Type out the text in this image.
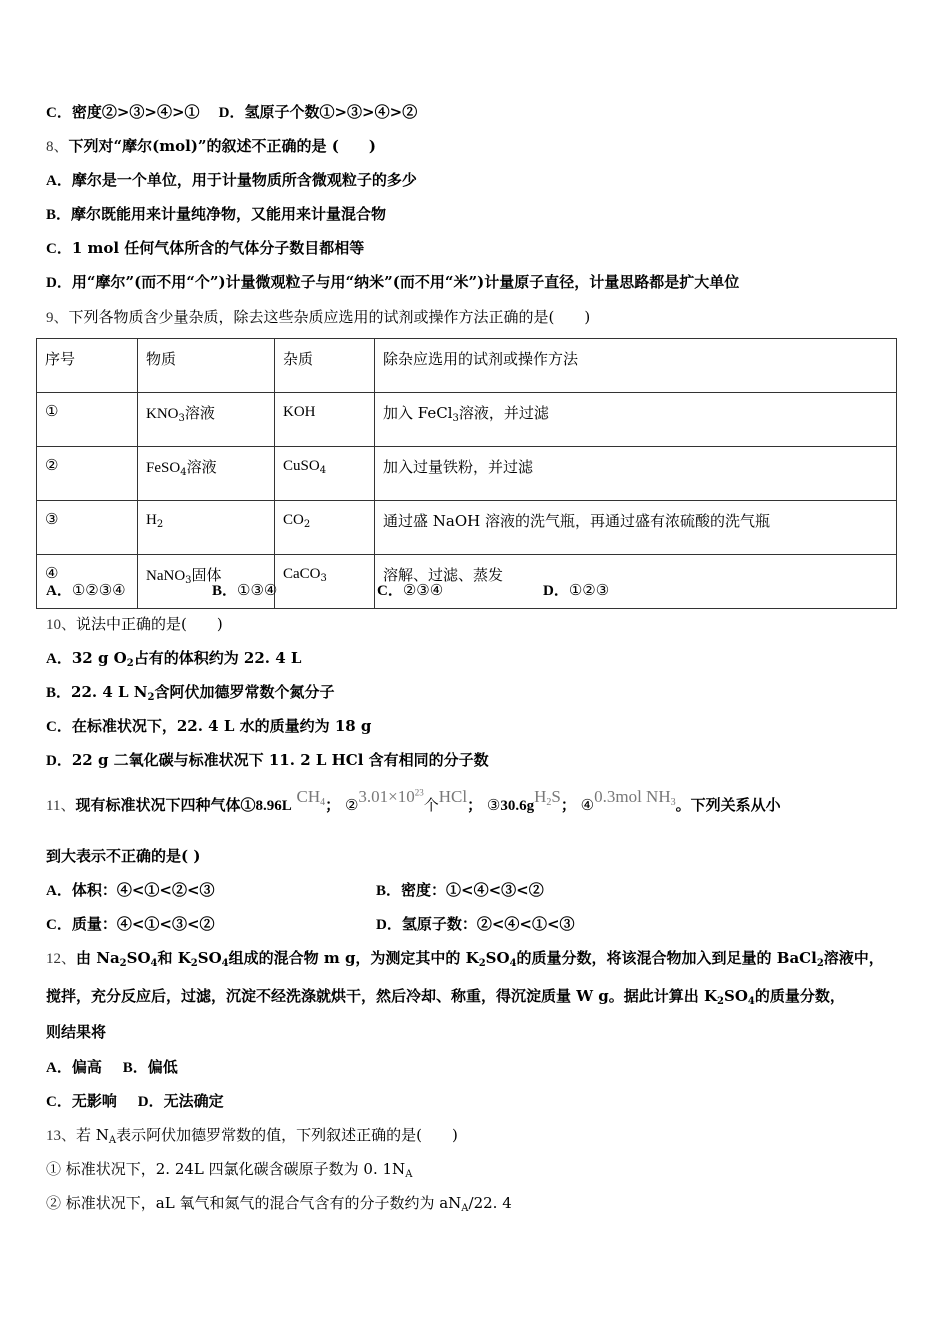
C．密度②>③>④>① D．氢原子个数①>③>④>②
8、下列对“摩尔(mol)”的叙述不正确的是 (　　)
A．摩尔是一个单位，用于计量物质所含微观粒子的多少
B．摩尔既能用来计量纯净物，又能用来计量混合物
C．1 mol 任何气体所含的气体分子数目都相等
D．用“摩尔”(而不用“个”)计量微观粒子与用“纳米”(而不用“米”)计量原子直径，计量思路都是扩大单位
9、下列各物质含少量杂质，除去这些杂质应选用的试剂或操作方法正确的是(　　)
序号	物质	杂质	除杂应选用的试剂或操作方法
①	$KNO_3$溶液	KOH	加入 FeCl$_3$溶液，并过滤
②	FeSO$_4$溶液	CuSO$_4$	加入过量铁粉，并过滤
③	$H_2$	$CO_2$	通过盛 NaOH 溶液的洗气瓶，再通过盛有浓硫酸的洗气瓶
④	NaNO$_3$固体	CaCO$_3$	溶解、过滤、蒸发
A．①②③④	B．①③④	C．②③④	D．①②③
10、说法中正确的是(　　)
A．32 g $O_2$占有的体积约为 22. 4 L
B．22. 4 L $N_2$含阿伏加德罗常数个氮分子
C．在标准状况下，22. 4 L 水的质量约为 18 g
D．22 g 二氧化碳与标准状况下 11. 2 L HCl 含有相同的分子数
11、现有标准状况下四种气体①8.96L $CH_4$； $②3.01\times 10^{23}$个HCl； $③30.6gH_2S$； ④0.3mol $NH_3$。下列关系从小
到大表示不正确的是( )
A．体积：④<①<②<③	B．密度：①<④<③<②
C．质量：④<①<③<②	D．氢原子数：②<④<①<③
12、由 $Na_2SO_4$和 $K_2SO_4$组成的混合物 m g，为测定其中的 $K_2SO_4$的质量分数，将该混合物加入到足量的 BaCl$_2$溶液中，
搅拌，充分反应后，过滤，沉淀不经洗涤就烘干，然后冷却、称重，得沉淀质量 W g。据此计算出 $K_2SO_4$的质量分数，
则结果将
A．偏高 B．偏低
C．无影响 D．无法确定
13、若 $N_A$表示阿伏加德罗常数的值，下列叙述正确的是(　　)
① 标准状况下，2. 24L 四氯化碳含碳原子数为 0. $1N_A$
② 标准状况下，aL 氧气和氮气的混合气含有的分子数约为 $aN_A/22$. 4
